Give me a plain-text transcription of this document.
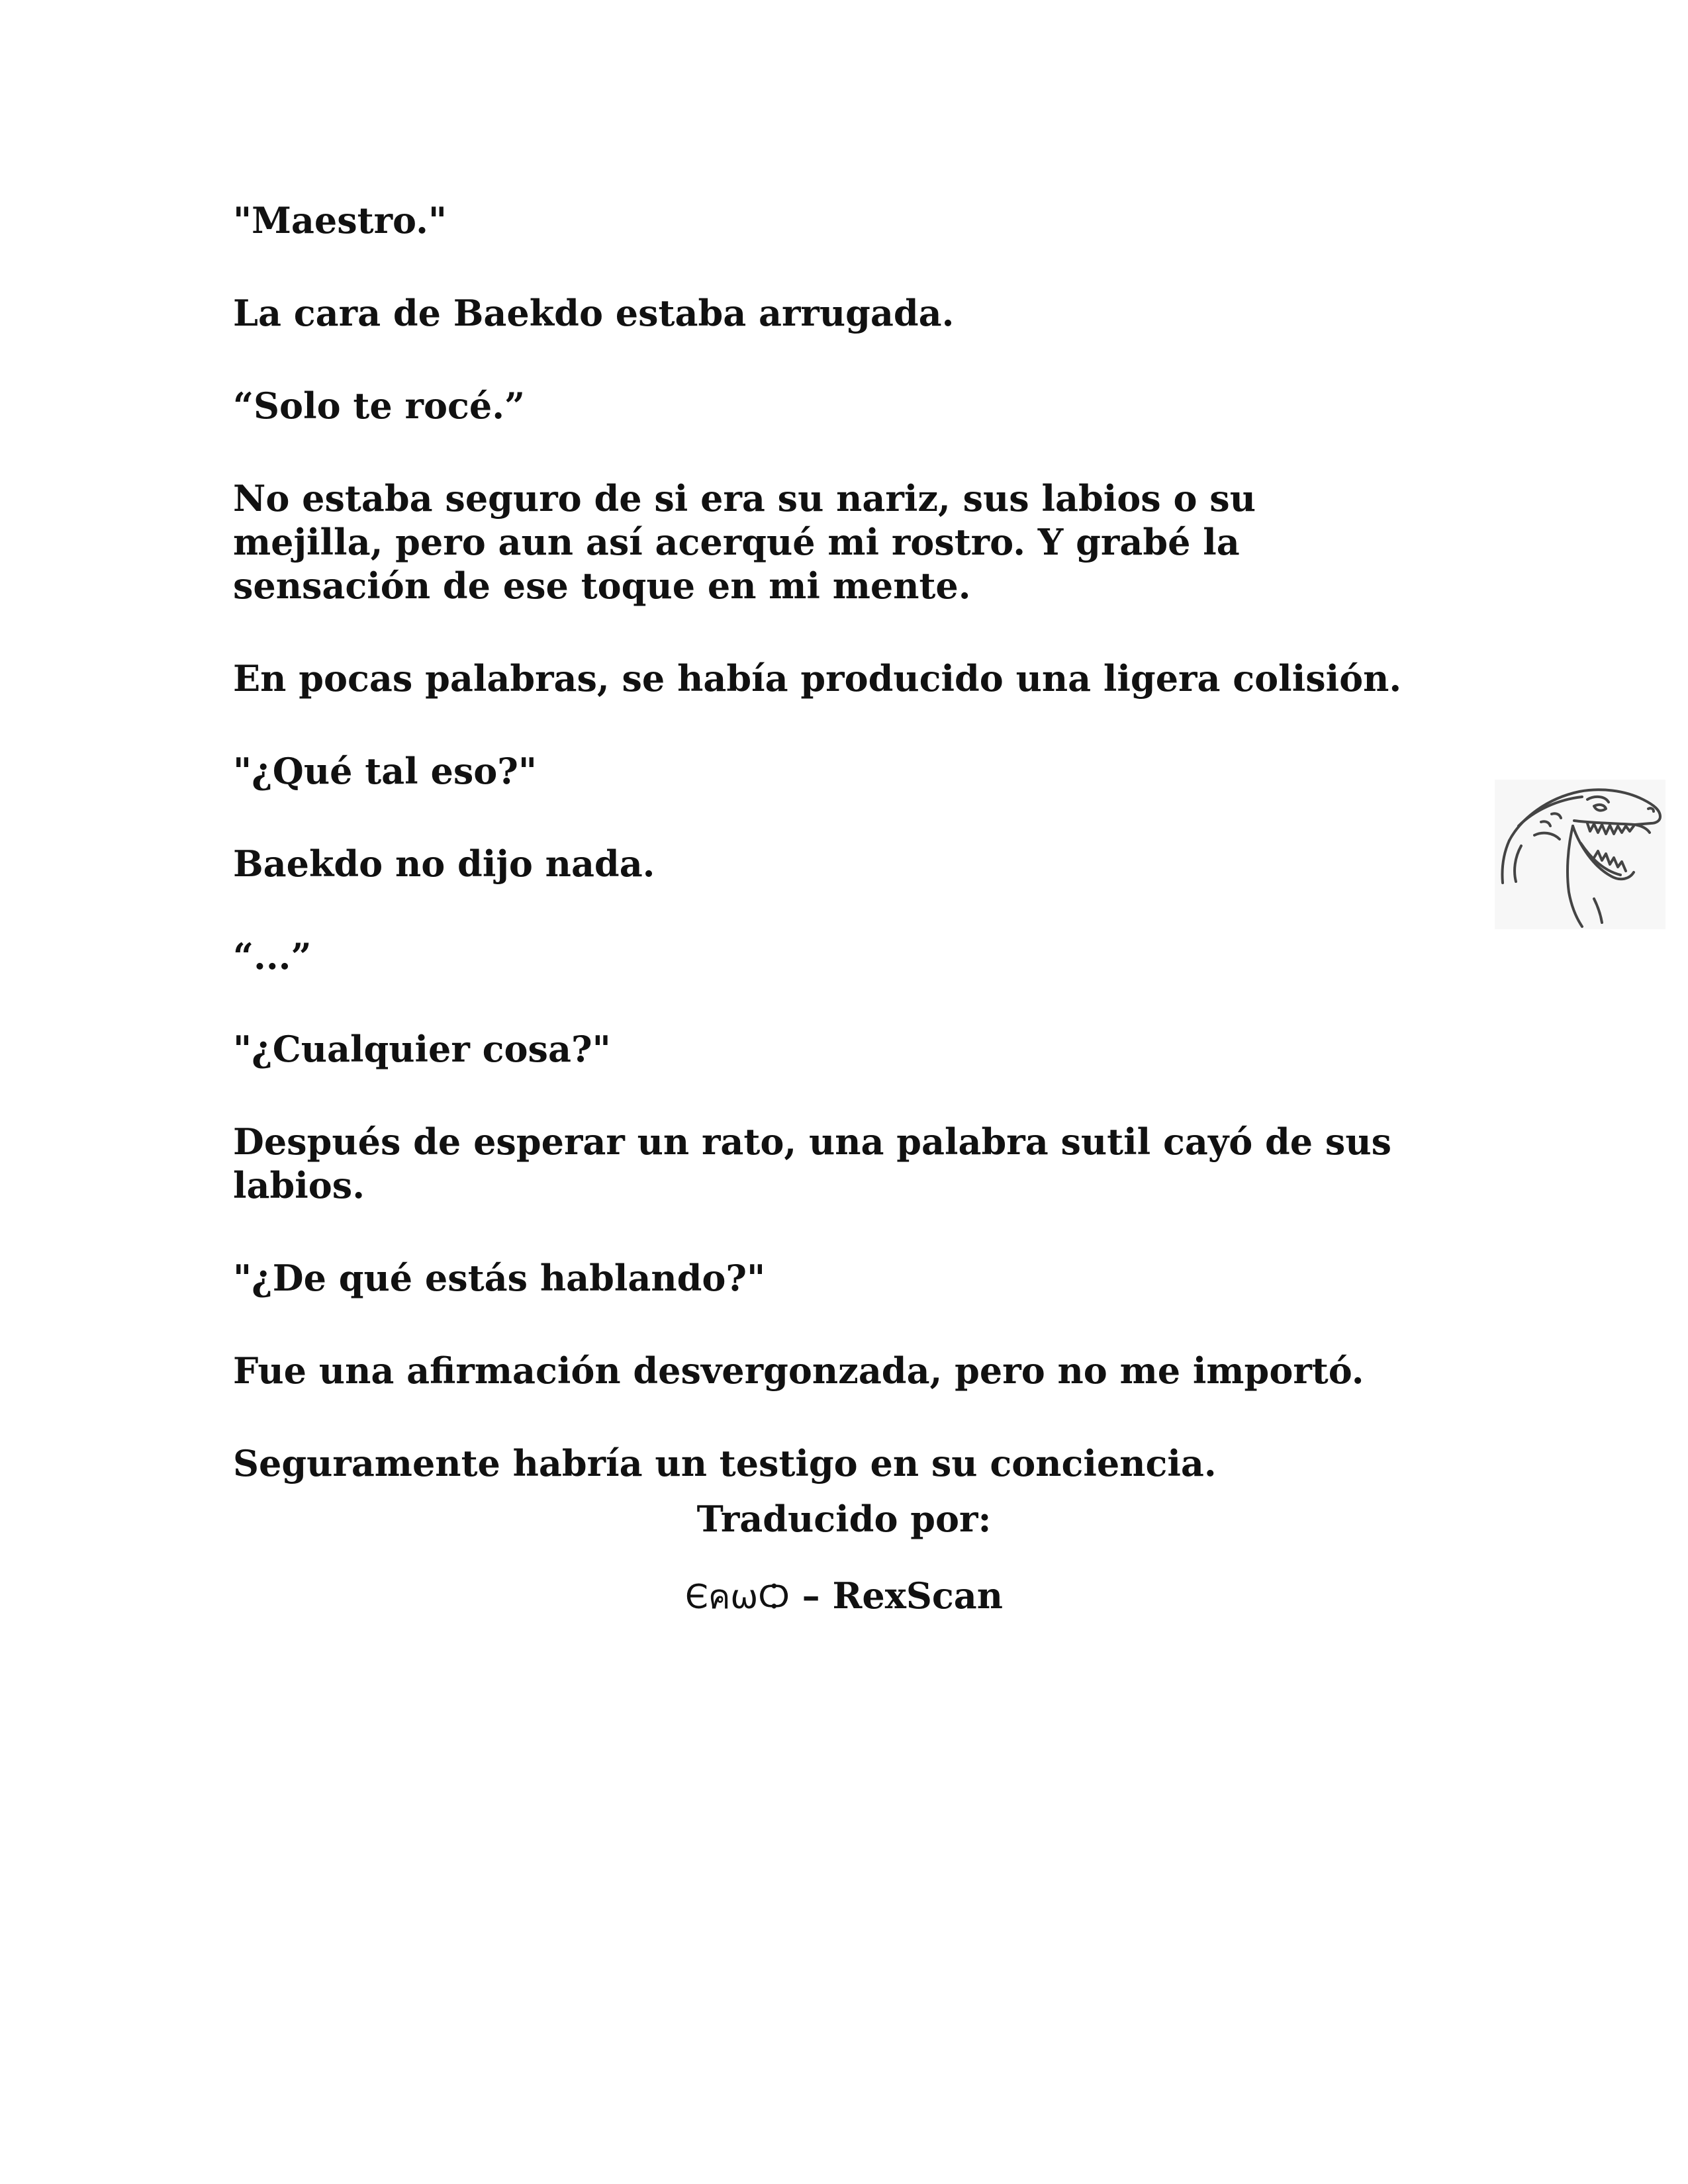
"Maestro."

La cara de Baekdo estaba arrugada.

“Solo te rocé.”

No estaba seguro de si era su nariz, sus labios o su mejilla, pero aun así acerqué mi rostro. Y grabé la sensación de ese toque en mi mente.

En pocas palabras, se había producido una ligera colisión.

"¿Qué tal eso?"

Baekdo no dijo nada.

“...”

"¿Cualquier cosa?"

Después de esperar un rato, una palabra sutil cayó de sus labios.

"¿De qué estás hablando?"

Fue una afirmación desvergonzada, pero no me importó.

Seguramente habría un testigo en su conciencia.

Traducido por:
ЄคѡѺ – RexScan
